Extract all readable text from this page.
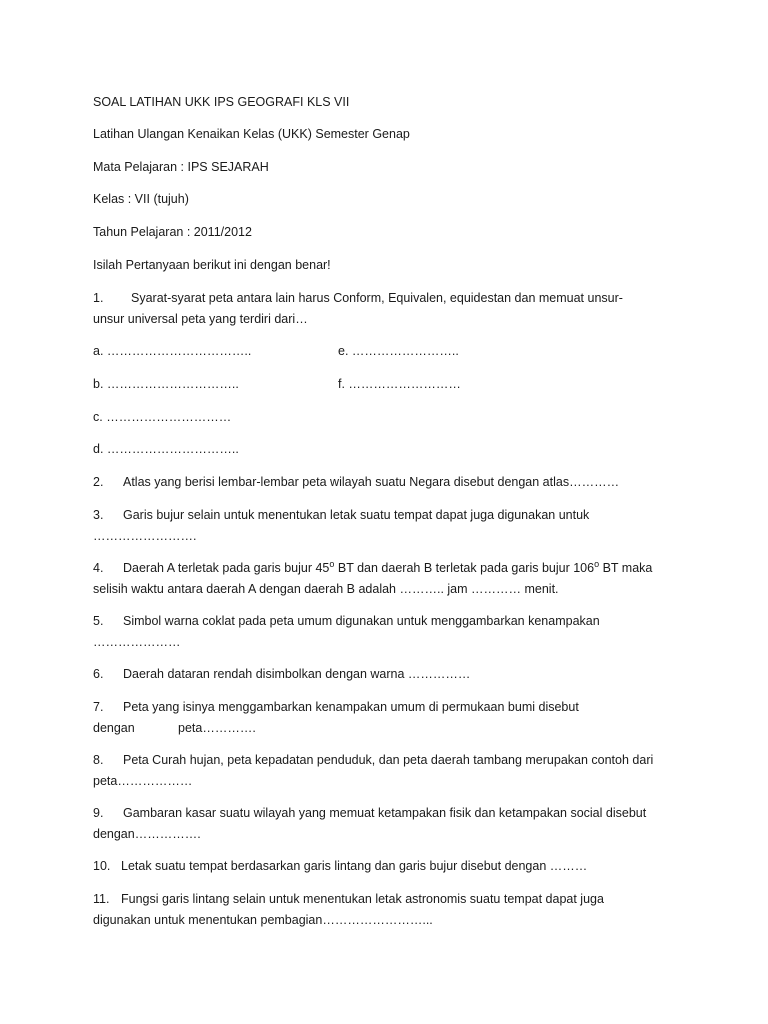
SOAL LATIHAN UKK IPS GEOGRAFI KLS VII
Latihan Ulangan Kenaikan Kelas (UKK) Semester Genap
Mata Pelajaran : IPS SEJARAH
Kelas : VII (tujuh)
Tahun Pelajaran : 2011/2012
Isilah Pertanyaan berikut ini dengan benar!
1. Syarat-syarat peta antara lain harus Conform, Equivalen, equidestan dan memuat unsur-
unsur universal peta yang terdiri dari…
a. ……………………………..	e. ……………………..
b. …………………………..	f. ………………………
c. …………………………
d. …………………………..
2. Atlas yang berisi lembar-lembar peta wilayah suatu Negara disebut dengan atlas…………
3. Garis bujur selain untuk menentukan letak suatu tempat dapat juga digunakan untuk
…………………….
4. Daerah A terletak pada garis bujur 45$^o$ BT dan daerah B terletak pada garis bujur 106$^o$ BT maka
selisih waktu antara daerah A dengan daerah B adalah ……….. jam ………… menit.
5. Simbol warna coklat pada peta umum digunakan untuk menggambarkan kenampakan
…………………
6. Daerah dataran rendah disimbolkan dengan warna ……………
7. Peta yang isinya menggambarkan kenampakan umum di permukaan bumi disebut
dengan	peta………….
8. Peta Curah hujan, peta kepadatan penduduk, dan peta daerah tambang merupakan contoh dari
peta………………
9. Gambaran kasar suatu wilayah yang memuat ketampakan fisik dan ketampakan social disebut
dengan…………….
10. Letak suatu tempat berdasarkan garis lintang dan garis bujur disebut dengan ………
11. Fungsi garis lintang selain untuk menentukan letak astronomis suatu tempat dapat juga
digunakan untuk menentukan pembagian……………………...
